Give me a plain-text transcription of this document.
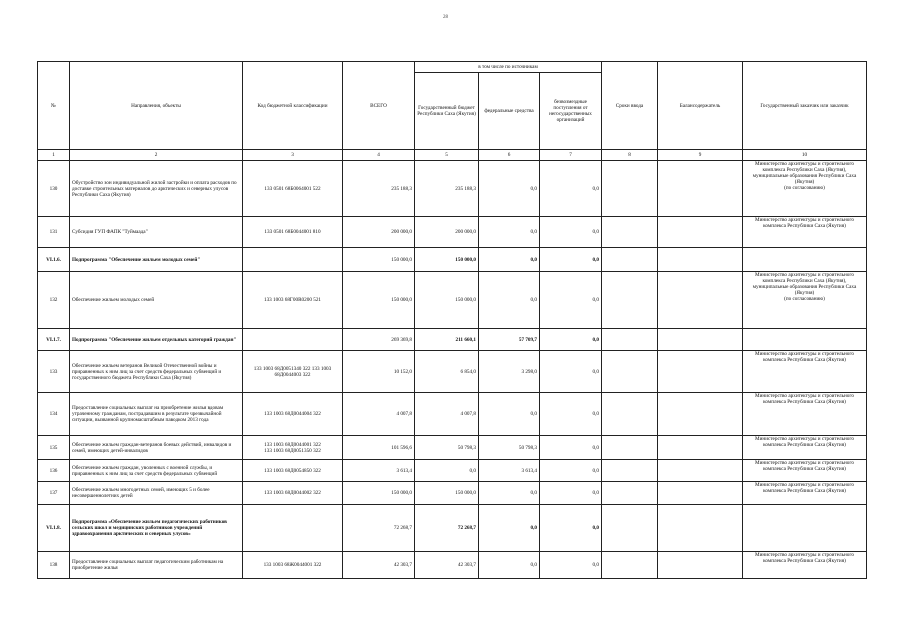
28
№	Направления, объекты	Код бюджетной классификации	ВСЕГО	в том числе по источникам			Сроки ввода	Балансодержатель	Государственный заказчик или заказчик
				Государственный бюджет Республики Саха (Якутия)	федеральные средства	безвозмездные поступления от негосударственных организаций			
1	2	3	4	5	6	7	8	9	10
130	Обустройство зон индивидуальной жилой застройки и оплата расходов по доставке строительных материалов до арктических и северных улусов Республики Саха (Якутия)	133 0501 68Б0064001 522	235 188,3	235 188,3	0,0	0,0			Министерство архитектуры и строительного комплекса Республики Саха (Якутия), муниципальные образования Республики Саха (Якутия)
(по согласованию)
131	Субсидия ГУП ФАПК "Туймаада"	133 0501 68Б0044001 810	200 000,0	200 000,0	0,0	0,0			Министерство архитектуры и строительного комплекса Республики Саха (Якутия)
VI.1.6.	Подпрограмма "Обеспечение жильем молодых семей"		150 000,0	150 000,0	0,0	0,0			
132	Обеспечение жильем молодых семей	133 1003 68Г00R0200 521	150 000,0	150 000,0	0,0	0,0			Министерство архитектуры и строительного комплекса Республики Саха (Якутия), муниципальные образования Республики Саха (Якутия)
(по согласованию)
VI.1.7.	Подпрограмма "Обеспечение жильем отдельных категорий граждан"		269 369,8	211 660,1	57 709,7	0,0			
133	Обеспечение жильем ветеранов Великой Отечественной войны и приравненных к ним лиц за счет средств федеральных субвенций и государственного бюджета Республики Саха (Якутия)	133 1003 68Д0051340 322 133 1003 68Д0044003 322	10 152,0	6 854,0	3 298,0	0,0			Министерство архитектуры и строительного комплекса Республики Саха (Якутия)
134	Предоставление социальных выплат на приобретение жилья вдовам утраченному гражданам, пострадавшим в результате чрезвычайной ситуации, вызванной крупномасштабным паводком 2013 года	133 1003 68Д0044004 322	4 007,8	4 007,8	0,0	0,0			Министерство архитектуры и строительного комплекса Республики Саха (Якутия)
135	Обеспечение жильем граждан-ветеранов боевых действий, инвалидов и семей, имеющих детей-инвалидов	133 1003 68Д0044001 322
133 1003 68Д0051350 322	101 596,6	50 798,3	50 798,3	0,0			Министерство архитектуры и строительного комплекса Республики Саха (Якутия)
136	Обеспечение жильем граждан, уволенных с военной службы, и приравненных к ним лиц за счет средств федеральных субвенций	133 1003 68Д0054850 322	3 613,4	0,0	3 613,4	0,0			Министерство архитектуры и строительного комплекса Республики Саха (Якутия)
137	Обеспечение жильем многодетных семей, имеющих 5 и более несовершеннолетних детей	133 1003 68Д0044002 322	150 000,0	150 000,0	0,0	0,0			Министерство архитектуры и строительного комплекса Республики Саха (Якутия)
VI.1.8.	Подпрограмма «Обеспечение жильем педагогических работников сельских школ и медицинских работников учреждений здравоохранения арктических и северных улусов»		72 268,7	72 268,7	0,0	0,0			
138	Предоставление социальных выплат педагогическим работникам на приобретение жилья	133 1003 68Ж0044001 322	42 303,7	42 303,7	0,0	0,0			Министерство архитектуры и строительного комплекса Республики Саха (Якутия)
